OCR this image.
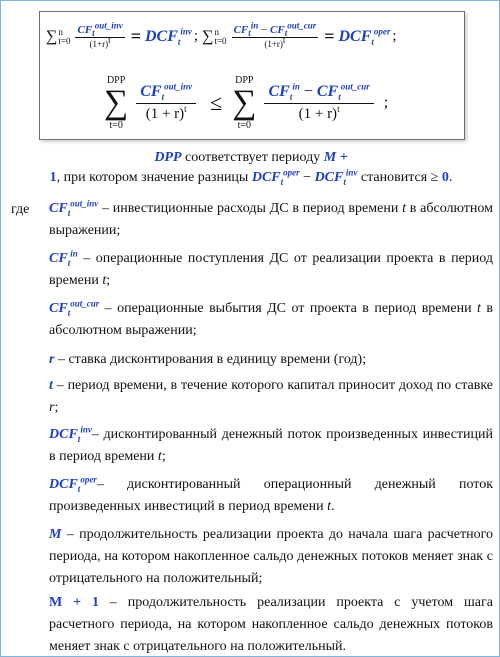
∑ n
$t=0 \frac{CF_t^{out\_inv}}{(1+r)^t} = DCF_t^{inv}$ ; ∑ n
$t=0 \frac{CF_t^{in} - CF_t^{out\_cur}}{(1+r)^t} = DCF_t^{oper}$ ;
DPP
∑
t=0
$\frac{CF_t^{out\_inv}}{(1 + r)^t}$ ≤
DPP
∑
t=0
$\frac{CF_t^{in} - CF_t^{out\_cur}}{(1 + r)^t}$ ;
DPP соответствует периоду M +
1, при котором значение разницы $DCF_t^{oper} - DCF_t^{inv}$ становится ≥ 0.
где $CF_t^{out\_inv}$ – инвестиционные расходы ДС в период времени t в абсолютном выражении;
$CF_t^{in}$ – операционные поступления ДС от реализации проекта в период времени t;
$CF_t^{out\_cur}$ – операционные выбытия ДС от проекта в период времени t в абсолютном выражении;
r – ставка дисконтирования в единицу времени (год);
t – период времени, в течение которого капитал приносит доход по ставке r;
$DCF_t^{inv}-$ дисконтированный денежный поток произведенных инвестиций в период времени t;
$DCF_t^{oper}-$ дисконтированный операционный денежный поток произведенных инвестиций в период времени t.
M – продолжительность реализации проекта до начала шага расчетного периода, на котором накопленное сальдо денежных потоков меняет знак с отрицательного на положительный;
M + 1 – продолжительность реализации проекта с учетом шага расчетного периода, на котором накопленное сальдо денежных потоков меняет знак с отрицательного на положительный.
